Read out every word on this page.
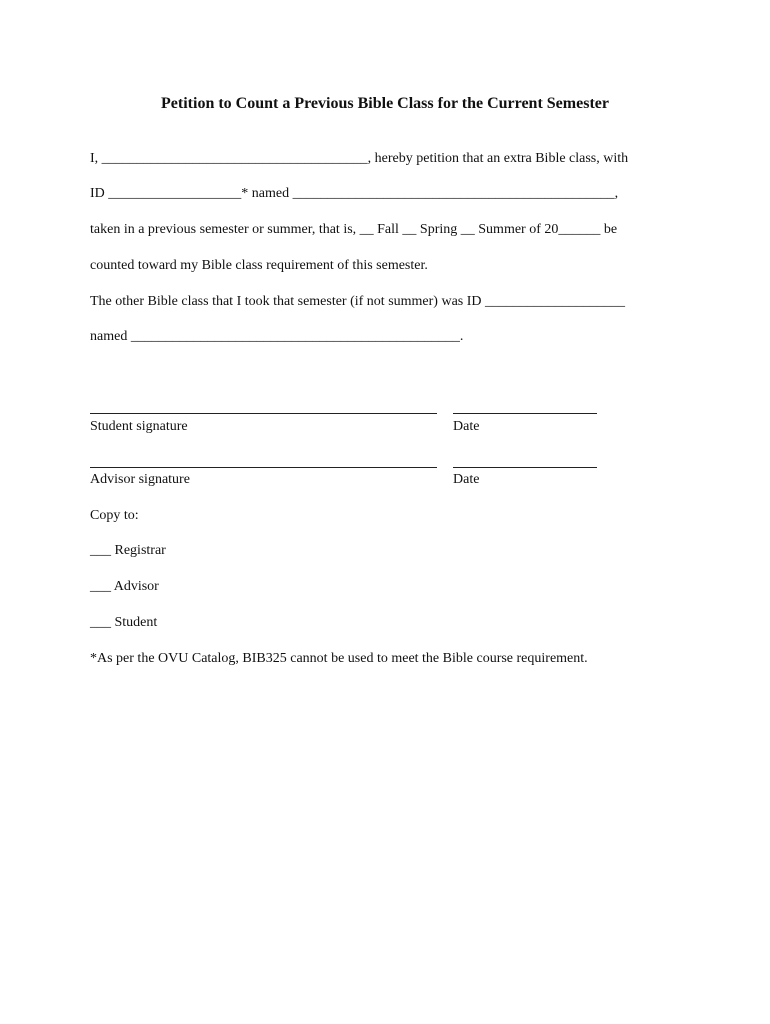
Petition to Count a Previous Bible Class for the Current Semester
I, ______________________________________, hereby petition that an extra Bible class, with
ID ___________________* named ______________________________________________,
taken in a previous semester or summer, that is, __ Fall __ Spring __ Summer of 20______ be
counted toward my Bible class requirement of this semester.
The other Bible class that I took that semester (if not summer) was ID ____________________
named _______________________________________________.
Student signature	Date
Advisor signature	Date
Copy to:
___ Registrar
___ Advisor
___ Student
*As per the OVU Catalog, BIB325 cannot be used to meet the Bible course requirement.
